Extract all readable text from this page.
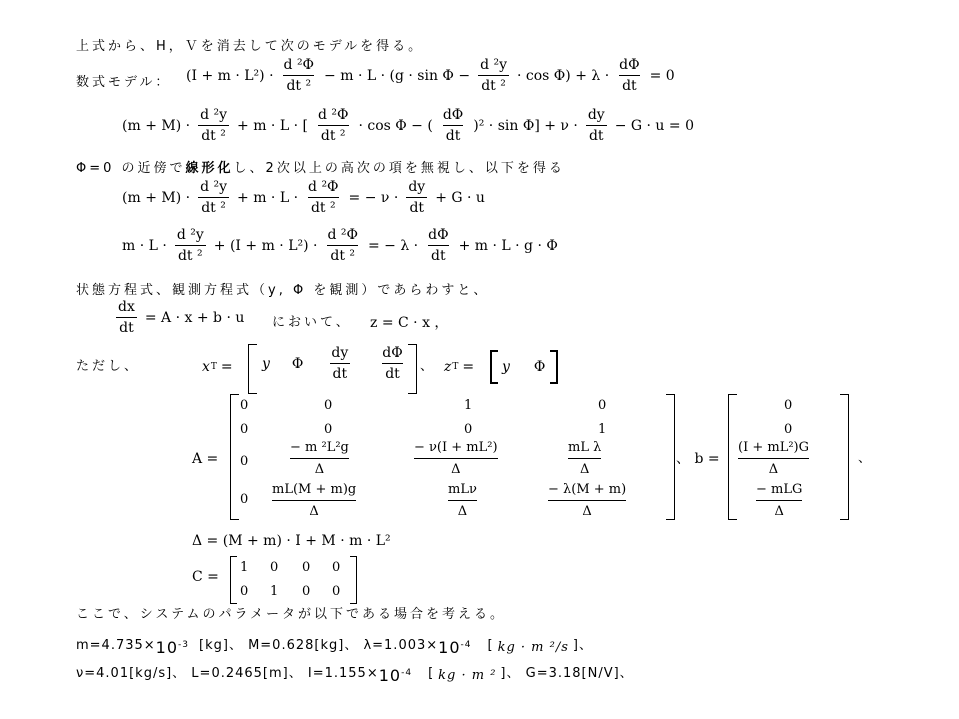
上式から、H，Ｖを消去して次のモデルを得る。
数式モデル： $(I + m \cdot L^2) \cdot \frac{\text{d ²Φ}}{\text{dt ²}} - m \cdot L \cdot (g \cdot \sin \Phi - \frac{\text{d ²y}}{\text{dt ²}} \cdot \cos \Phi) + \lambda \cdot \frac{d\Phi}{dt} = 0$
$(m + M) \cdot \frac{\text{d ²y}}{\text{dt ²}} + m \cdot L$ · [ $\frac{\text{d ²Φ}}{\text{dt ²}} \cdot \cos \Phi$ − ( $\frac{d\Phi}{dt} )^2 \cdot \sin \Phi] + \nu \cdot \frac{dy}{dt} - G \cdot u = 0$
Φ=0 の近傍で線形化し、2次以上の高次の項を無視し、以下を得る
$(m + M) \cdot \frac{\text{d ²y}}{\text{dt ²}} + m \cdot L \cdot \frac{\text{d ²Φ}}{\text{dt ²}}$ = − $\nu \cdot \frac{dy}{dt} + G \cdot u$
$m \cdot L \cdot \frac{\text{d ²y}}{\text{dt ²}} + (I + m \cdot L^2) \cdot \frac{\text{d ²Φ}}{\text{dt ²}}$ = − $\lambda \cdot \frac{d\Phi}{dt} + m \cdot L \cdot g \cdot \Phi$
状態方程式、観測方程式（y, Φ を観測）であらわすと、
$\frac{dx}{dt} = A \cdot x + b \cdot u$ において、 z = C · x ，
ただし、	x T = y Φ $\frac{dy}{dt} \frac{d\Phi}{dt}$ 、 z T = y Φ
A =
0	0	1	0
0	0	0	1
0	$\frac{\text{− m ²L²g}}{\Delta}$	$\frac{\text{− ν(I + mL²)}}{\Delta}$	$\frac{\text{mL λ}}{\Delta}$
$0 \frac{mL(M + m)g}{\Delta}$	$\frac{\text{mLν}}{\Delta}$	$\frac{- \lambda(M + m)}{\Delta}$
、 b =
0
0
$\frac{\text{(I + mL²)G}}{\Delta}$
$\frac{\text{− mLG}}{\Delta}$
、
Δ = (M + m) · I + M · m · L²
C =
1 0 0 0
0 1 0 0
ここで、システムのパラメータが以下である場合を考える。
$m=4.735\times 10^{-3}$ [kg]、 M=0.628[kg]、 $\lambda=1.003\times 10^{-4}$ [ kg · m ²/s ]、
ν=4.01[kg/s]、 L=0.2465[m]、 $I=1.155\times 10^{-4}$ [ kg · m ² ]、 G=3.18[N/V]、
